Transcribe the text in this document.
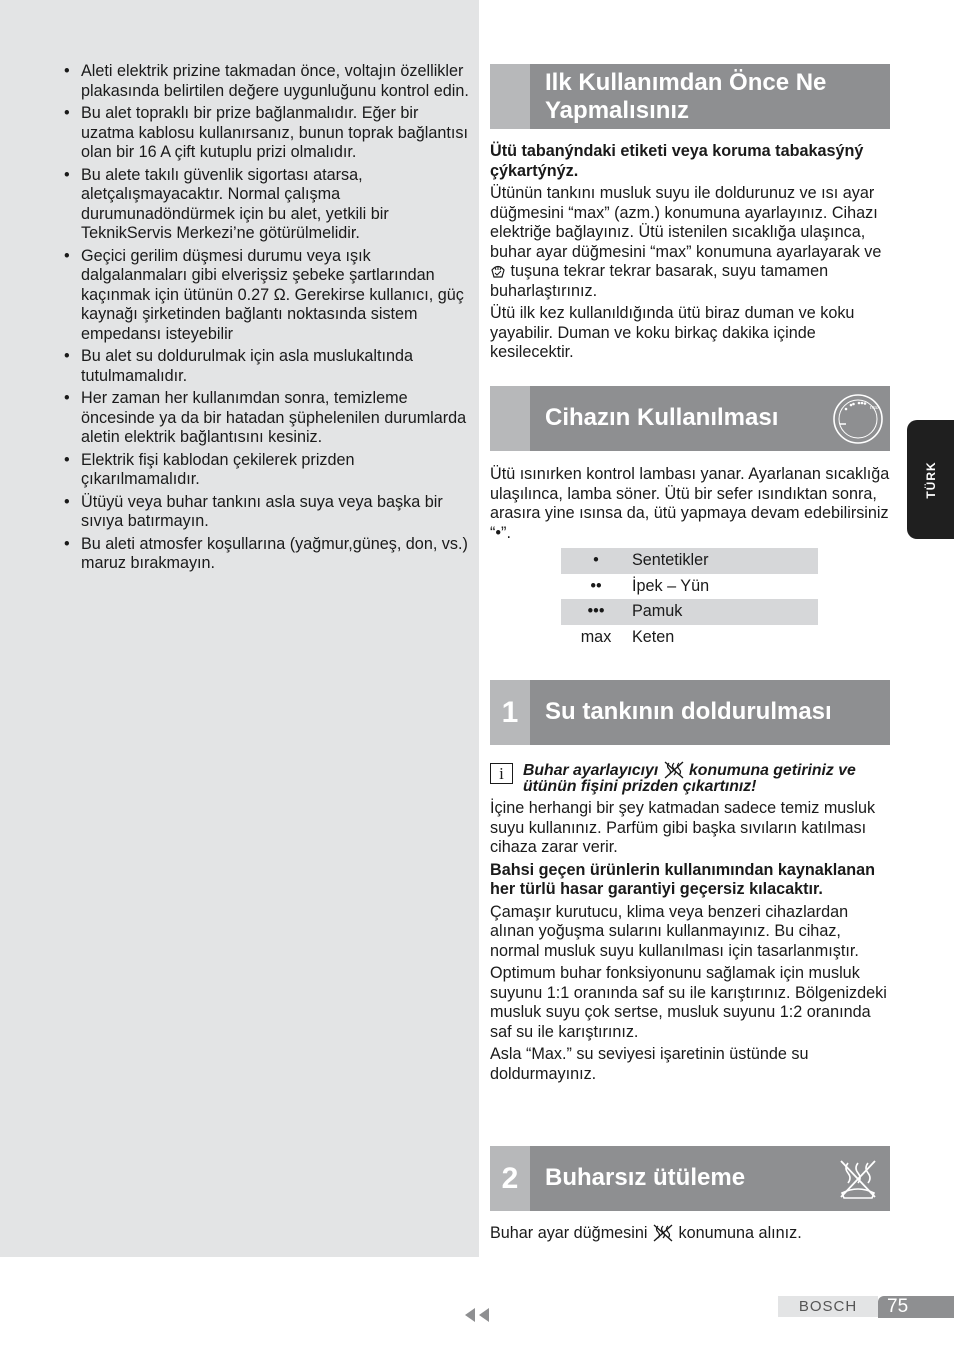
• Aleti elektrik prizine takmadan önce, voltajın özellikler plakasında belirtilen değere uygunluğunu kontrol edin.
• Bu alet topraklı bir prize bağlanmalıdır. Eğer bir uzatma kablosu kullanırsanız, bunun toprak bağlantısı olan bir 16 A çift kutuplu prizi olmalıdır.
• Bu alete takılı güvenlik sigortası atarsa, aletçalışmayacaktır. Normal çalışma durumunadöndürmek için bu alet, yetkili bir TeknikServis Merkezi’ne götürülmelidir.
• Geçici gerilim düşmesi durumu veya ışık dalgalanmaları gibi elverişsiz şebeke şartlarından kaçınmak için ütünün 0.27 Ω. Gerekirse kullanıcı, güç kaynağı şirketinden bağlantı noktasında sistem empedansı isteyebilir
• Bu alet su doldurulmak için asla muslukaltında tutulmamalıdır.
• Her zaman her kullanımdan sonra, temizleme öncesinde ya da bir hatadan şüphelenilen durumlarda aletin elektrik bağlantısını kesiniz.
• Elektrik fişi kablodan çekilerek prizden çıkarılmamalıdır.
• Ütüyü veya buhar tankını asla suya veya başka bir sıvıya batırmayın.
• Bu aleti atmosfer koşullarına (yağmur,güneş, don, vs.) maruz bırakmayın.
Ilk Kullanımdan Önce Ne Yapmalısınız

Ütü tabanýndaki etiketi veya koruma tabakasýný çýkartýnýz.

Ütünün tankını musluk suyu ile doldurunuz ve ısı ayar düğmesini “max” (azm.) konumuna ayarlayınız. Cihazı elektriğe bağlayınız. Ütü istenilen sıcaklığa ulaşınca, buhar ayar düğmesini “max” konumuna ayarlayarak ve  tuşuna tekrar tekrar basarak, suyu tamamen buharlaştırınız.

Ütü ilk kez kullanıldığında ütü biraz duman ve koku yayabilir. Duman ve koku birkaç dakika içinde kesilecektir.

Cihazın Kullanılması	max

Ütü ısınırken kontrol lambası yanar. Ayarlanan sıcaklığa ulaşılınca, lamba söner. Ütü bir sefer ısındıktan sonra, arasıra yine ısınsa da, ütü yapmaya devam edebilirsiniz “•”.

•	Sentetikler
••	İpek – Yün
•••	Pamuk
max	Keten
1	Su tankının doldurulması
i	Buhar ayarlayıcıyı konumuna getiriniz ve ütünün fişini prizden çıkartınız!

İçine herhangi bir şey katmadan sadece temiz musluk suyu kullanınız. Parfüm gibi başka sıvıların katılması cihaza zarar verir.

Bahsi geçen ürünlerin kullanımından kaynaklanan her türlü hasar garantiyi geçersiz kılacaktır.

Çamaşır kurutucu, klima veya benzeri cihazlardan alınan yoğuşma sularını kullanmayınız. Bu cihaz, normal musluk suyu kullanılması için tasarlanmıştır.

Optimum buhar fonksiyonunu sağlamak için musluk suyunu 1:1 oranında saf su ile karıştırınız. Bölgenizdeki musluk suyu çok sertse, musluk suyunu 1:2 oranında saf su ile karıştırınız.

Asla “Max.” su seviyesi işaretinin üstünde su doldurmayınız.

2	Buharsız ütüleme

Buhar ayar düğmesini konumuna alınız.

TÜRK
BOSCH	75
